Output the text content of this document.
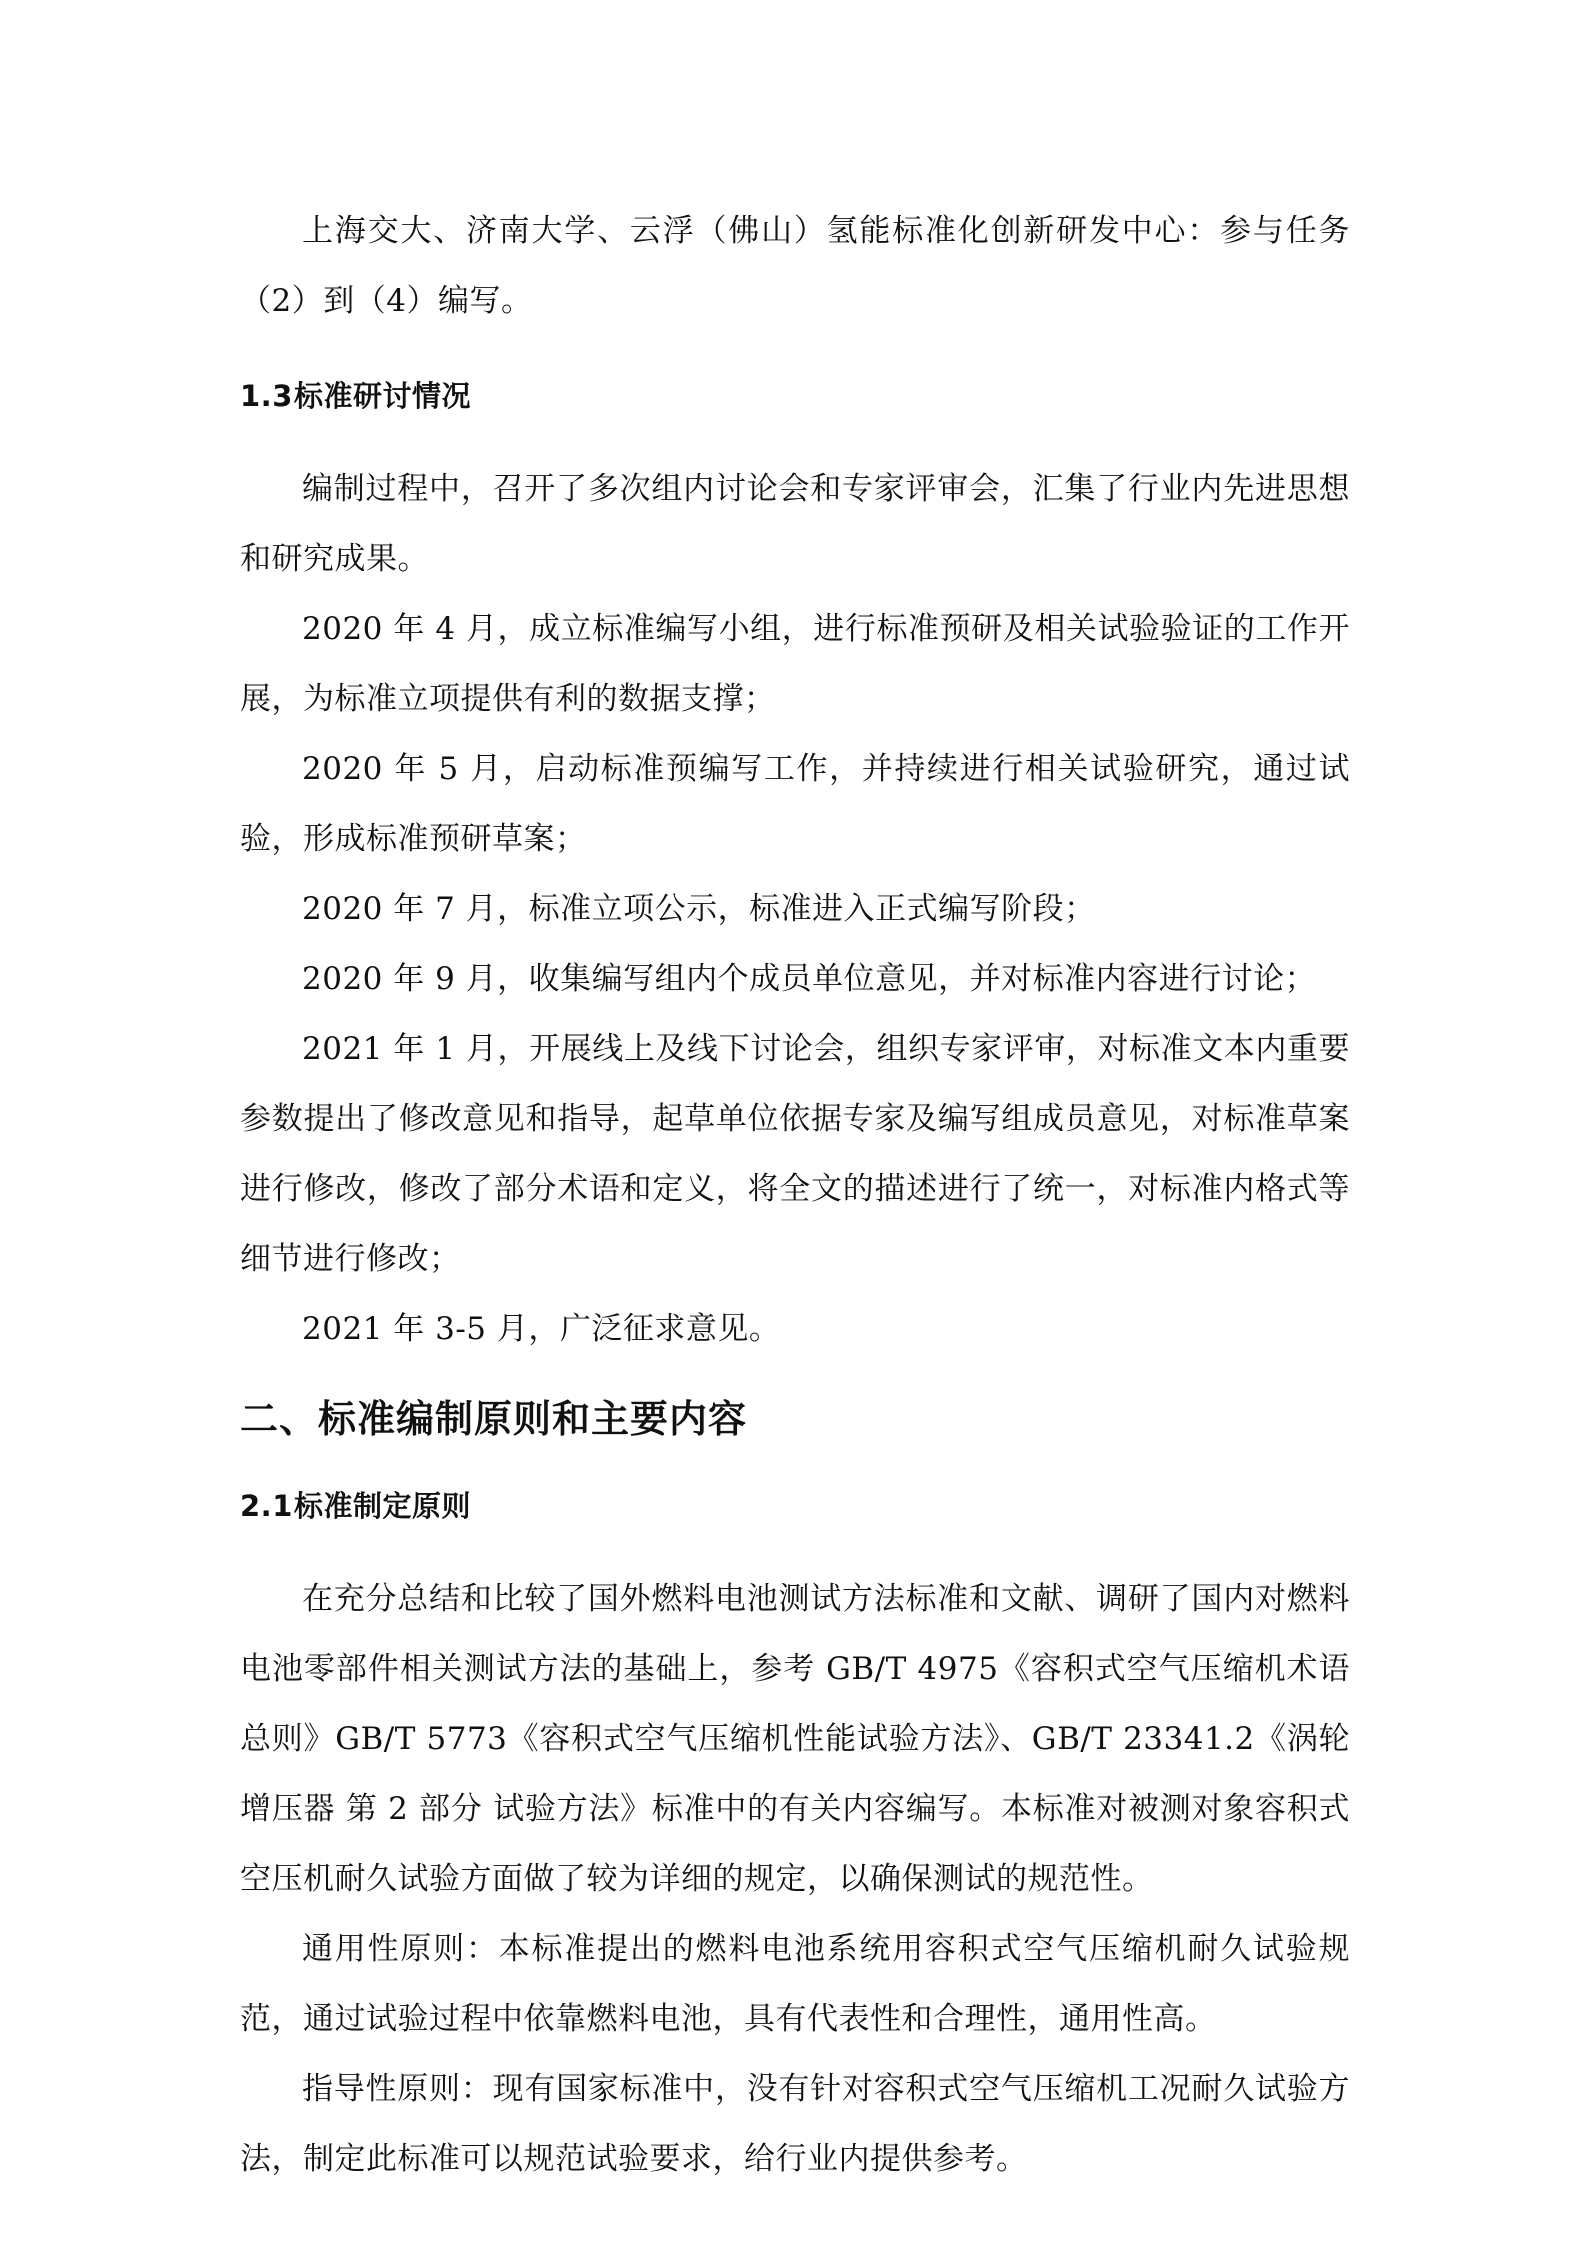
上海交大、济南大学、云浮（佛山）氢能标准化创新研发中心：参与任务（2）到（4）编写。

1.3标准研讨情况

编制过程中，召开了多次组内讨论会和专家评审会，汇集了行业内先进思想和研究成果。

2020 年 4 月，成立标准编写小组，进行标准预研及相关试验验证的工作开展，为标准立项提供有利的数据支撑；

2020 年 5 月，启动标准预编写工作，并持续进行相关试验研究，通过试验，形成标准预研草案；

2020 年 7 月，标准立项公示，标准进入正式编写阶段；

2020 年 9 月，收集编写组内个成员单位意见，并对标准内容进行讨论；

2021 年 1 月，开展线上及线下讨论会，组织专家评审，对标准文本内重要参数提出了修改意见和指导，起草单位依据专家及编写组成员意见，对标准草案进行修改，修改了部分术语和定义，将全文的描述进行了统一，对标准内格式等细节进行修改；

2021 年 3-5 月，广泛征求意见。

二、标准编制原则和主要内容
2.1标准制定原则

在充分总结和比较了国外燃料电池测试方法标准和文献、调研了国内对燃料电池零部件相关测试方法的基础上，参考 GB/T 4975《容积式空气压缩机术语总则》GB/T 5773《容积式空气压缩机性能试验方法》、GB/T 23341.2《涡轮增压器 第 2 部分 试验方法》标准中的有关内容编写。本标准对被测对象容积式空压机耐久试验方面做了较为详细的规定，以确保测试的规范性。

通用性原则：本标准提出的燃料电池系统用容积式空气压缩机耐久试验规范，通过试验过程中依靠燃料电池，具有代表性和合理性，通用性高。

指导性原则：现有国家标准中，没有针对容积式空气压缩机工况耐久试验方法，制定此标准可以规范试验要求，给行业内提供参考。
